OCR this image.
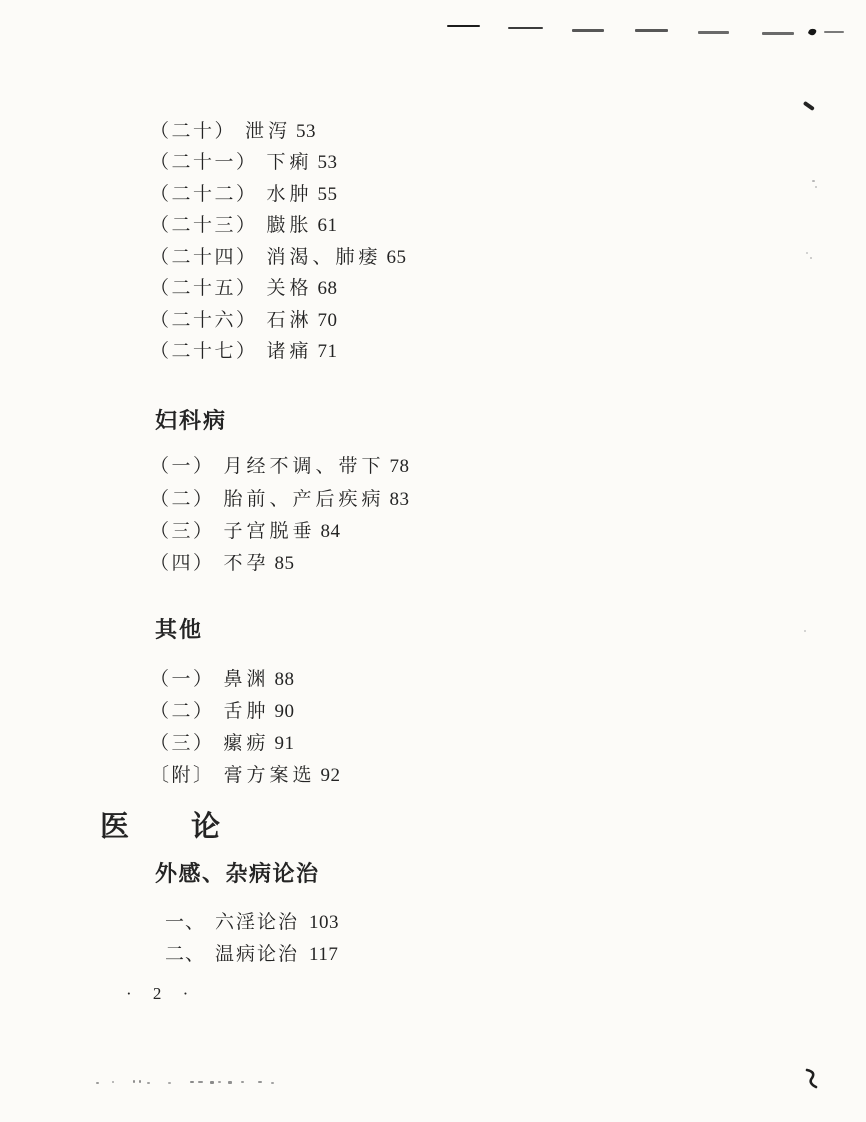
（二十） 泄泻 53
（二十一） 下痢 53
（二十二） 水肿 55
（二十三） 臌胀 61
（二十四） 消渴、肺痿 65
（二十五） 关格 68
（二十六） 石淋 70
（二十七） 诸痛 71
妇科病
（一） 月经不调、带下 78
（二） 胎前、产后疾病 83
（三） 子宫脱垂 84
（四） 不孕 85
其他
（一） 鼻渊 88
（二） 舌肿 90
（三） 瘰疬 91
〔附〕 膏方案选 92
医论
外感、杂病论治
一、 六淫论治 103
二、 温病论治 117
· 2 ·
